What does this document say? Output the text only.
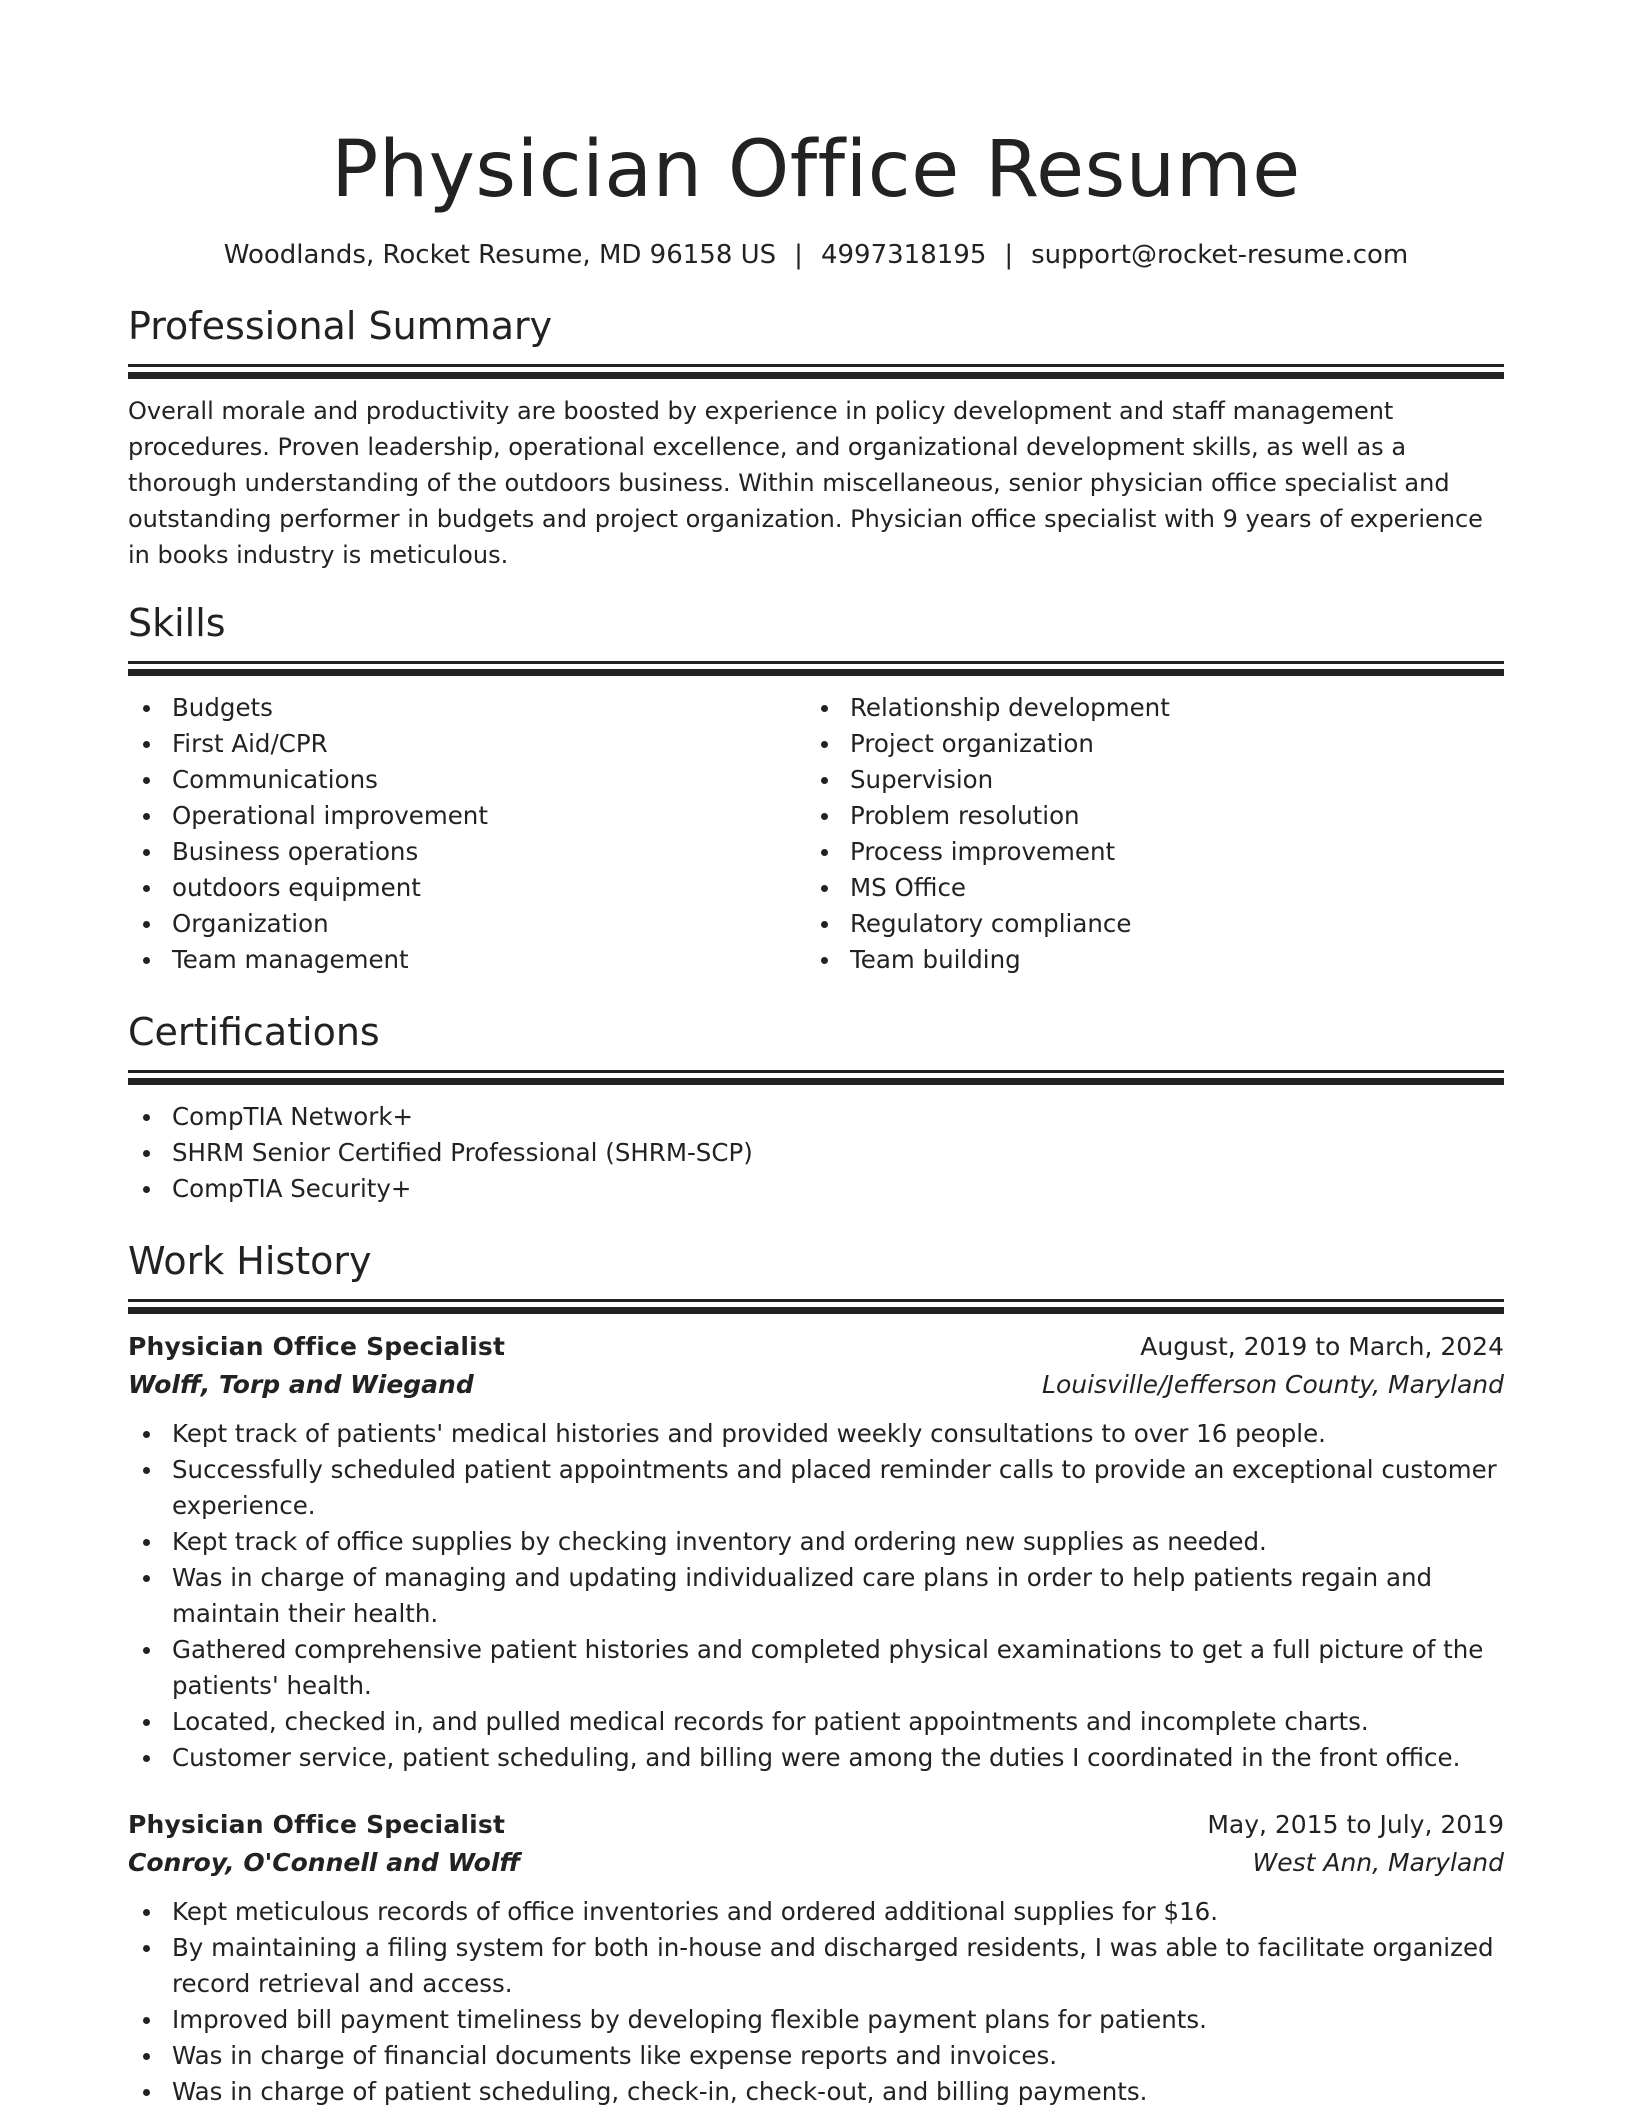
Physician Office Resume
Woodlands, Rocket Resume, MD 96158 US | 4997318195 | support@rocket-resume.com
Professional Summary

Overall morale and productivity are boosted by experience in policy development and staff management procedures. Proven leadership, operational excellence, and organizational development skills, as well as a thorough understanding of the outdoors business. Within miscellaneous, senior physician office specialist and outstanding performer in budgets and project organization. Physician office specialist with 9 years of experience in books industry is meticulous.

Skills
Budgets
First Aid/CPR
Communications
Operational improvement
Business operations
outdoors equipment
Organization
Team management
Relationship development
Project organization
Supervision
Problem resolution
Process improvement
MS Office
Regulatory compliance
Team building
Certifications
CompTIA Network+
SHRM Senior Certified Professional (SHRM-SCP)
CompTIA Security+
Work History
Physician Office Specialist	August, 2019 to March, 2024
Wolff, Torp and Wiegand	Louisville/Jefferson County, Maryland
Kept track of patients' medical histories and provided weekly consultations to over 16 people.
Successfully scheduled patient appointments and placed reminder calls to provide an exceptional customer experience.
Kept track of office supplies by checking inventory and ordering new supplies as needed.
Was in charge of managing and updating individualized care plans in order to help patients regain and maintain their health.
Gathered comprehensive patient histories and completed physical examinations to get a full picture of the patients' health.
Located, checked in, and pulled medical records for patient appointments and incomplete charts.
Customer service, patient scheduling, and billing were among the duties I coordinated in the front office.
Physician Office Specialist	May, 2015 to July, 2019
Conroy, O'Connell and Wolff	West Ann, Maryland
Kept meticulous records of office inventories and ordered additional supplies for $16.
By maintaining a filing system for both in-house and discharged residents, I was able to facilitate organized record retrieval and access.
Improved bill payment timeliness by developing flexible payment plans for patients.
Was in charge of financial documents like expense reports and invoices.
Was in charge of patient scheduling, check-in, check-out, and billing payments.
